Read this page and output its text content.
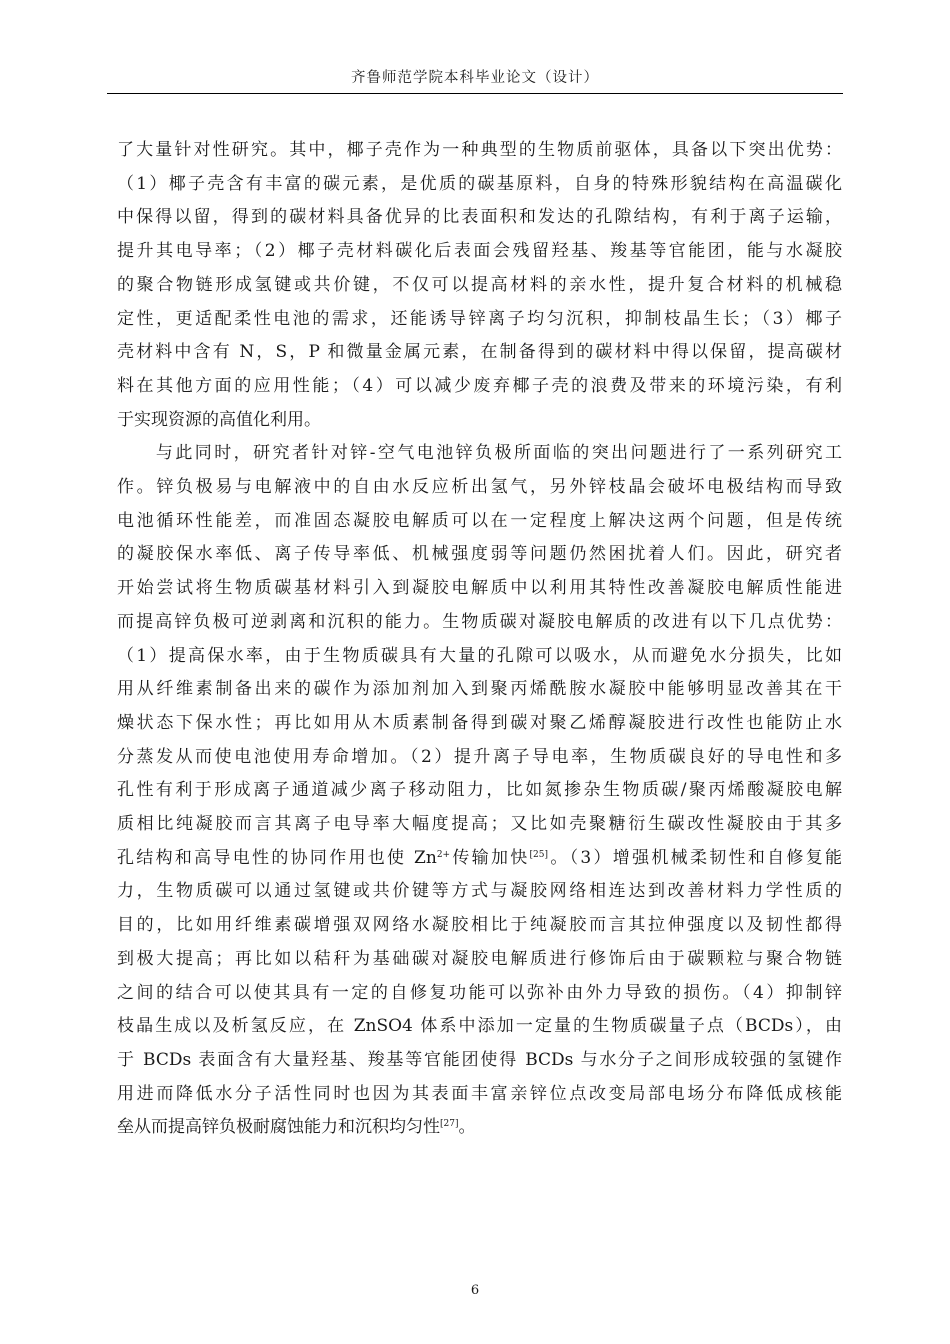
齐鲁师范学院本科毕业论文（设计）
了大量针对性研究。其中，椰子壳作为一种典型的生物质前驱体，具备以下突出优势：
（1）椰子壳含有丰富的碳元素，是优质的碳基原料，自身的特殊形貌结构在高温碳化
中保得以留，得到的碳材料具备优异的比表面积和发达的孔隙结构，有利于离子运输，
提升其电导率；（2）椰子壳材料碳化后表面会残留羟基、羧基等官能团，能与水凝胶
的聚合物链形成氢键或共价键，不仅可以提高材料的亲水性，提升复合材料的机械稳
定性，更适配柔性电池的需求，还能诱导锌离子均匀沉积，抑制枝晶生长；（3）椰子
壳材料中含有 N，S，P 和微量金属元素，在制备得到的碳材料中得以保留，提高碳材
料在其他方面的应用性能；（4）可以减少废弃椰子壳的浪费及带来的环境污染，有利
于实现资源的高值化利用。
　　与此同时，研究者针对锌-空气电池锌负极所面临的突出问题进行了一系列研究工
作。锌负极易与电解液中的自由水反应析出氢气，另外锌枝晶会破坏电极结构而导致
电池循环性能差，而准固态凝胶电解质可以在一定程度上解决这两个问题，但是传统
的凝胶保水率低、离子传导率低、机械强度弱等问题仍然困扰着人们。因此，研究者
开始尝试将生物质碳基材料引入到凝胶电解质中以利用其特性改善凝胶电解质性能进
而提高锌负极可逆剥离和沉积的能力。生物质碳对凝胶电解质的改进有以下几点优势：
（1）提高保水率，由于生物质碳具有大量的孔隙可以吸水，从而避免水分损失，比如
用从纤维素制备出来的碳作为添加剂加入到聚丙烯酰胺水凝胶中能够明显改善其在干
燥状态下保水性；再比如用从木质素制备得到碳对聚乙烯醇凝胶进行改性也能防止水
分蒸发从而使电池使用寿命增加。（2）提升离子导电率，生物质碳良好的导电性和多
孔性有利于形成离子通道减少离子移动阻力，比如氮掺杂生物质碳/聚丙烯酸凝胶电解
质相比纯凝胶而言其离子电导率大幅度提高；又比如壳聚糖衍生碳改性凝胶由于其多
孔结构和高导电性的协同作用也使 $Zn^{2+}$传输加快[25]。（3）增强机械柔韧性和自修复能
力，生物质碳可以通过氢键或共价键等方式与凝胶网络相连达到改善材料力学性质的
目的，比如用纤维素碳增强双网络水凝胶相比于纯凝胶而言其拉伸强度以及韧性都得
到极大提高；再比如以秸秆为基础碳对凝胶电解质进行修饰后由于碳颗粒与聚合物链
之间的结合可以使其具有一定的自修复功能可以弥补由外力导致的损伤。（4）抑制锌
枝晶生成以及析氢反应，在 ZnSO4 体系中添加一定量的生物质碳量子点（BCDs），由
于 BCDs 表面含有大量羟基、羧基等官能团使得 BCDs 与水分子之间形成较强的氢键作
用进而降低水分子活性同时也因为其表面丰富亲锌位点改变局部电场分布降低成核能
垒从而提高锌负极耐腐蚀能力和沉积均匀性[27]。
6
